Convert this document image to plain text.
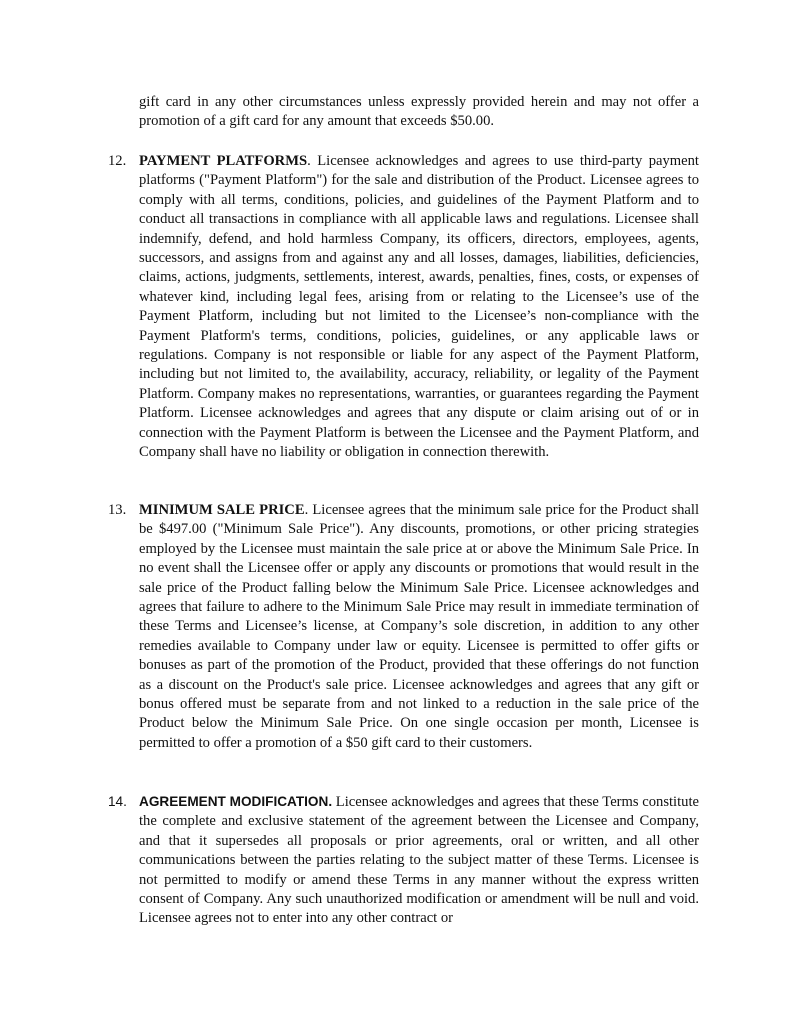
gift card in any other circumstances unless expressly provided herein and may not offer a promotion of a gift card for any amount that exceeds $50.00.
12. PAYMENT PLATFORMS. Licensee acknowledges and agrees to use third-party payment platforms ("Payment Platform") for the sale and distribution of the Product. Licensee agrees to comply with all terms, conditions, policies, and guidelines of the Payment Platform and to conduct all transactions in compliance with all applicable laws and regulations. Licensee shall indemnify, defend, and hold harmless Company, its officers, directors, employees, agents, successors, and assigns from and against any and all losses, damages, liabilities, deficiencies, claims, actions, judgments, settlements, interest, awards, penalties, fines, costs, or expenses of whatever kind, including legal fees, arising from or relating to the Licensee’s use of the Payment Platform, including but not limited to the Licensee’s non-compliance with the Payment Platform's terms, conditions, policies, guidelines, or any applicable laws or regulations. Company is not responsible or liable for any aspect of the Payment Platform, including but not limited to, the availability, accuracy, reliability, or legality of the Payment Platform. Company makes no representations, warranties, or guarantees regarding the Payment Platform. Licensee acknowledges and agrees that any dispute or claim arising out of or in connection with the Payment Platform is between the Licensee and the Payment Platform, and Company shall have no liability or obligation in connection therewith.
13. MINIMUM SALE PRICE. Licensee agrees that the minimum sale price for the Product shall be $497.00 ("Minimum Sale Price"). Any discounts, promotions, or other pricing strategies employed by the Licensee must maintain the sale price at or above the Minimum Sale Price. In no event shall the Licensee offer or apply any discounts or promotions that would result in the sale price of the Product falling below the Minimum Sale Price. Licensee acknowledges and agrees that failure to adhere to the Minimum Sale Price may result in immediate termination of these Terms and Licensee’s license, at Company’s sole discretion, in addition to any other remedies available to Company under law or equity. Licensee is permitted to offer gifts or bonuses as part of the promotion of the Product, provided that these offerings do not function as a discount on the Product's sale price. Licensee acknowledges and agrees that any gift or bonus offered must be separate from and not linked to a reduction in the sale price of the Product below the Minimum Sale Price. On one single occasion per month, Licensee is permitted to offer a promotion of a $50 gift card to their customers.
14. AGREEMENT MODIFICATION. Licensee acknowledges and agrees that these Terms constitute the complete and exclusive statement of the agreement between the Licensee and Company, and that it supersedes all proposals or prior agreements, oral or written, and all other communications between the parties relating to the subject matter of these Terms. Licensee is not permitted to modify or amend these Terms in any manner without the express written consent of Company. Any such unauthorized modification or amendment will be null and void. Licensee agrees not to enter into any other contract or
